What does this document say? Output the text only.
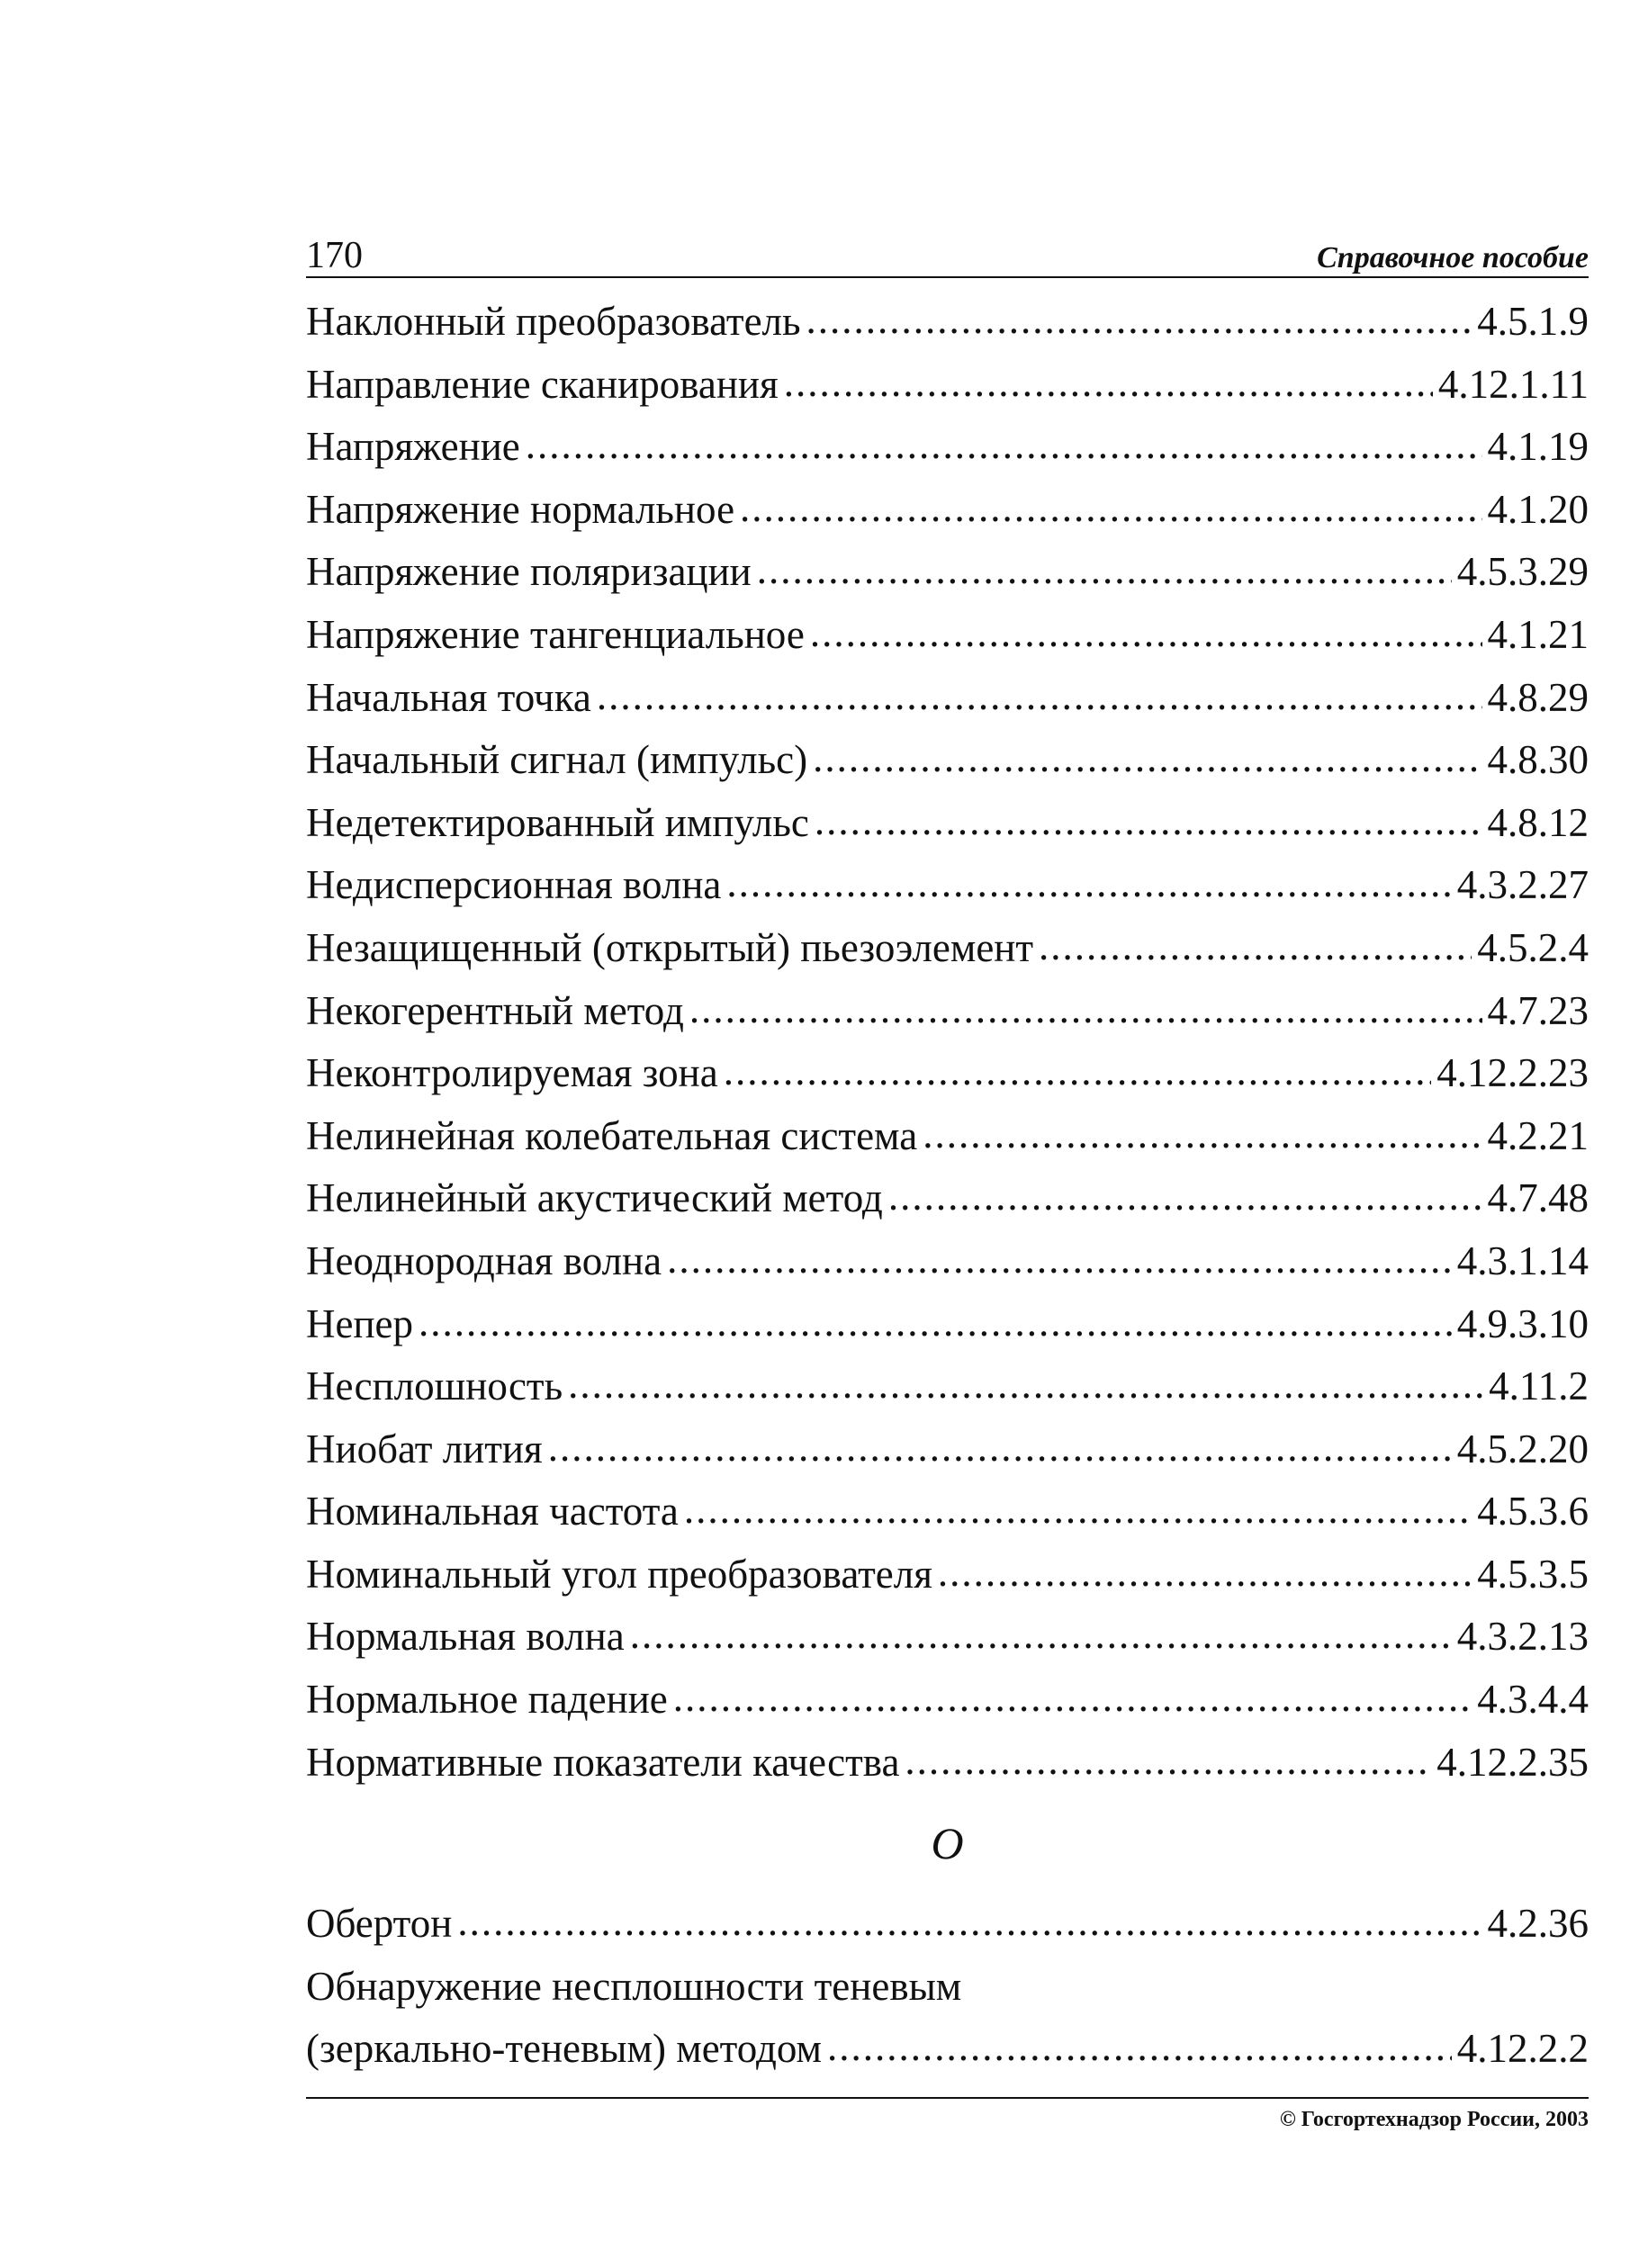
170	Справочное пособие
Наклонный преобразователь .....	4.5.1.9
Направление сканирования .....	4.12.1.11
Напряжение .....	4.1.19
Напряжение нормальное .....	4.1.20
Напряжение поляризации .....	4.5.3.29
Напряжение тангенциальное .....	4.1.21
Начальная точка .....	4.8.29
Начальный сигнал (импульс) .....	4.8.30
Недетектированный импульс .....	4.8.12
Недисперсионная волна .....	4.3.2.27
Незащищенный (открытый) пьезоэлемент .....	4.5.2.4
Некогерентный метод .....	4.7.23
Неконтролируемая зона .....	4.12.2.23
Нелинейная колебательная система .....	4.2.21
Нелинейный акустический метод .....	4.7.48
Неоднородная волна .....	4.3.1.14
Непер .....	4.9.3.10
Несплошность .....	4.11.2
Ниобат лития .....	4.5.2.20
Номинальная частота .....	4.5.3.6
Номинальный угол преобразователя .....	4.5.3.5
Нормальная волна .....	4.3.2.13
Нормальное падение .....	4.3.4.4
Нормативные показатели качества .....	4.12.2.35
О
Обертон .....	4.2.36
Обнаружение несплошности теневым
(зеркально-теневым) методом .....	4.12.2.2
© Госгортехнадзор России, 2003
